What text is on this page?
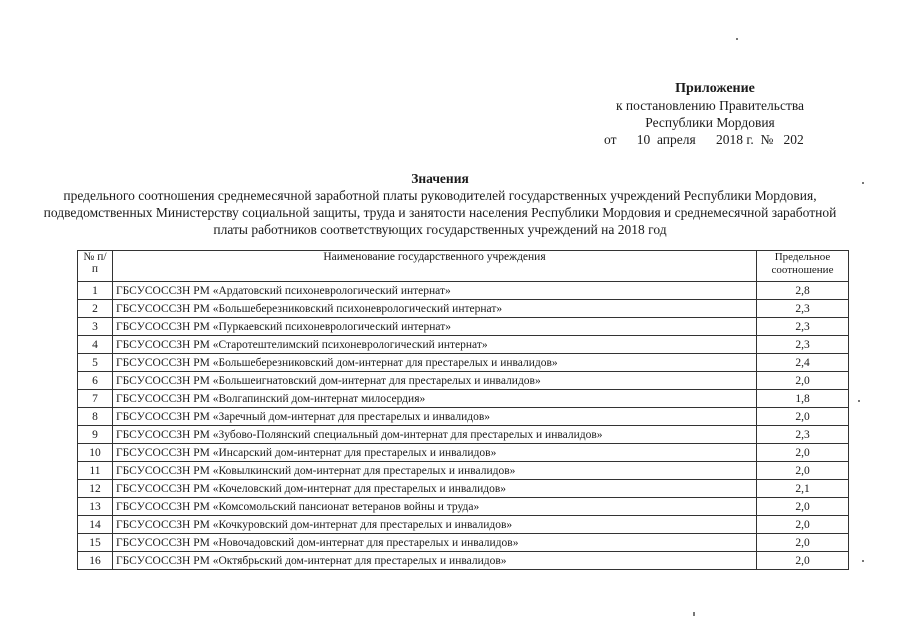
Приложение
к постановлению Правительства
Республики Мордовия
от      10  апреля      2018 г.  №   202
Значения
предельного соотношения среднемесячной заработной платы руководителей государственных учреждений Республики Мордовия, подведомственных Министерству социальной защиты, труда и занятости населения Республики Мордовия и среднемесячной заработной платы работников соответствующих государственных учреждений на 2018 год
№ п/п	Наименование государственного учреждения	Предельное соотношение
1	ГБСУСОССЗН РМ «Ардатовский психоневрологический интернат»	2,8
2	ГБСУСОССЗН РМ «Большеберезниковский психоневрологический интернат»	2,3
3	ГБСУСОССЗН РМ «Пуркаевский психоневрологический интернат»	2,3
4	ГБСУСОССЗН РМ «Старотештелимский психоневрологический интернат»	2,3
5	ГБСУСОССЗН РМ «Большеберезниковский дом-интернат для престарелых и инвалидов»	2,4
6	ГБСУСОССЗН РМ «Большеигнатовский дом-интернат для престарелых и инвалидов»	2,0
7	ГБСУСОССЗН РМ «Волгапинский дом-интернат милосердия»	1,8
8	ГБСУСОССЗН РМ «Заречный дом-интернат для престарелых и инвалидов»	2,0
9	ГБСУСОССЗН РМ «Зубово-Полянский специальный дом-интернат для престарелых и инвалидов»	2,3
10	ГБСУСОССЗН РМ «Инсарский дом-интернат для престарелых и инвалидов»	2,0
11	ГБСУСОССЗН РМ «Ковылкинский дом-интернат для престарелых и инвалидов»	2,0
12	ГБСУСОССЗН РМ «Кочеловский дом-интернат для престарелых и инвалидов»	2,1
13	ГБСУСОССЗН РМ «Комсомольский пансионат ветеранов войны и труда»	2,0
14	ГБСУСОССЗН РМ «Кочкуровский дом-интернат для престарелых и инвалидов»	2,0
15	ГБСУСОССЗН РМ «Новочадовский дом-интернат для престарелых и инвалидов»	2,0
16	ГБСУСОССЗН РМ «Октябрьский дом-интернат для престарелых и инвалидов»	2,0
